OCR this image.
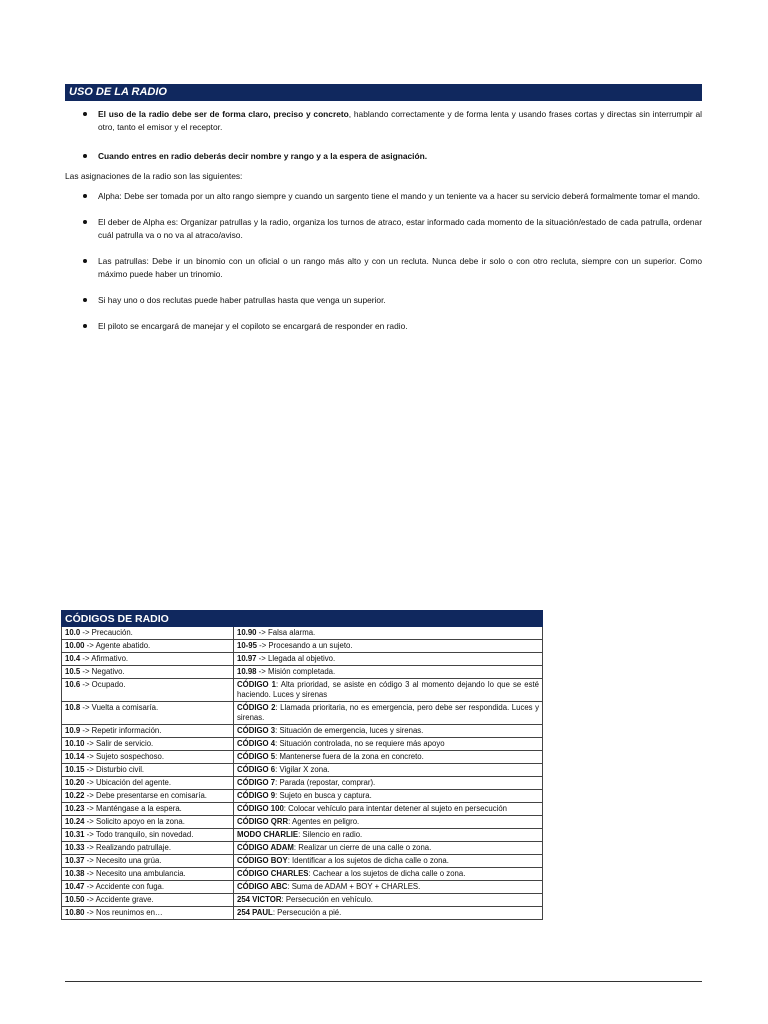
USO DE LA RADIO
El uso de la radio debe ser de forma claro, preciso y concreto, hablando correctamente y de forma lenta y usando frases cortas y directas sin interrumpir al otro, tanto el emisor y el receptor.
Cuando entres en radio deberás decir nombre y rango y a la espera de asignación.
Las asignaciones de la radio son las siguientes:
Alpha: Debe ser tomada por un alto rango siempre y cuando un sargento tiene el mando y un teniente va a hacer su servicio deberá formalmente tomar el mando.
El deber de Alpha es: Organizar patrullas y la radio, organiza los turnos de atraco, estar informado cada momento de la situación/estado de cada patrulla, ordenar cuál patrulla va o no va al atraco/aviso.
Las patrullas: Debe ir un binomio con un oficial o un rango más alto y con un recluta. Nunca debe ir solo o con otro recluta, siempre con un superior. Como máximo puede haber un trinomio.
Si hay uno o dos reclutas puede haber patrullas hasta que venga un superior.
El piloto se encargará de manejar y el copiloto se encargará de responder en radio.
CÓDIGOS DE RADIO	
10.0 -> Precaución.	10.90 -> Falsa alarma.
10.00 -> Agente abatido.	10-95 -> Procesando a un sujeto.
10.4 -> Afirmativo.	10.97 -> Llegada al objetivo.
10.5 -> Negativo.	10.98 -> Misión completada.
10.6 -> Ocupado.	CÓDIGO 1: Alta prioridad, se asiste en código 3 al momento dejando lo que se esté haciendo. Luces y sirenas
10.8 -> Vuelta a comisaría.	CÓDIGO 2: Llamada prioritaria, no es emergencia, pero debe ser respondida. Luces y sirenas.
10.9 -> Repetir información.	CÓDIGO 3: Situación de emergencia, luces y sirenas.
10.10 -> Salir de servicio.	CÓDIGO 4: Situación controlada, no se requiere más apoyo
10.14 -> Sujeto sospechoso.	CÓDIGO 5: Mantenerse fuera de la zona en concreto.
10.15 -> Disturbio civil.	CÓDIGO 6: Vigilar X zona.
10.20 -> Ubicación del agente.	CÓDIGO 7: Parada (repostar, comprar).
10.22 -> Debe presentarse en comisaría.	CÓDIGO 9: Sujeto en busca y captura.
10.23 -> Manténgase a la espera.	CÓDIGO 100: Colocar vehículo para intentar detener al sujeto en persecución
10.24 -> Solicito apoyo en la zona.	CÓDIGO QRR: Agentes en peligro.
10.31 -> Todo tranquilo, sin novedad.	MODO CHARLIE: Silencio en radio.
10.33 -> Realizando patrullaje.	CÓDIGO ADAM: Realizar un cierre de una calle o zona.
10.37 -> Necesito una grúa.	CÓDIGO BOY: Identificar a los sujetos de dicha calle o zona.
10.38 -> Necesito una ambulancia.	CÓDIGO CHARLES: Cachear a los sujetos de dicha calle o zona.
10.47 -> Accidente con fuga.	CÓDIGO ABC: Suma de ADAM + BOY + CHARLES.
10.50 -> Accidente grave.	254 VICTOR: Persecución en vehículo.
10.80 -> Nos reunimos en…	254 PAUL: Persecución a pié.
